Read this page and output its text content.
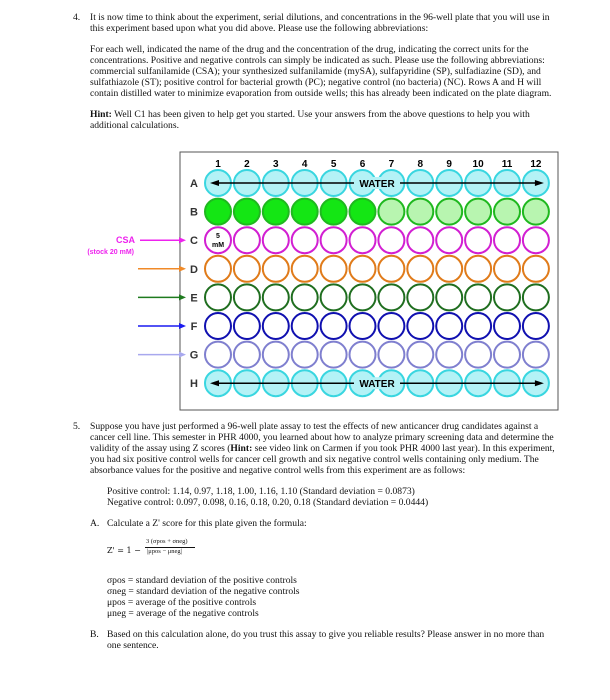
4. It is now time to think about the experiment, serial dilutions, and concentrations in the 96-well plate that you will use in
this experiment based upon what you did above. Please use the following abbreviations:
For each well, indicated the name of the drug and the concentration of the drug, indicating the correct units for the
concentrations. Positive and negative controls can simply be indicated as such. Please use the following abbreviations:
commercial sulfanilamide (CSA); your synthesized sulfanilamide (mySA), sulfapyridine (SP), sulfadiazine (SD), and
sulfathiazole (ST); positive control for bacterial growth (PC); negative control (no bacteria) (NC). Rows A and H will
contain distilled water to minimize evaporation from outside wells; this has already been indicated on the plate diagram.
Hint: Well C1 has been given to help get you started. Use your answers from the above questions to help you with
additional calculations.
1 2 3 4 5 6 7 8 9 10 11 12
A	WATER
B
C
D
E
F
G
H	WATER
5
mM
CSA
(stock 20 mM)
5. Suppose you have just performed a 96-well plate assay to test the effects of new anticancer drug candidates against a
cancer cell line. This semester in PHR 4000, you learned about how to analyze primary screening data and determine the
validity of the assay using Z scores (Hint: see video link on Carmen if you took PHR 4000 last year). In this experiment,
you had six positive control wells for cancer cell growth and six negative control wells containing only medium. The
absorbance values for the positive and negative control wells from this experiment are as follows:
Positive control: 1.14, 0.97, 1.18, 1.00, 1.16, 1.10 (Standard deviation = 0.0873)
Negative control: 0.097, 0.098, 0.16, 0.18, 0.20, 0.18 (Standard deviation = 0.0444)
A. Calculate a Z' score for this plate given the formula:
Z' = 1 −
3 (σpos + σneg)
|μpos − μneg|
σpos = standard deviation of the positive controls
σneg = standard deviation of the negative controls
μpos = average of the positive controls
μneg = average of the negative controls
B. Based on this calculation alone, do you trust this assay to give you reliable results? Please answer in no more than
one sentence.
